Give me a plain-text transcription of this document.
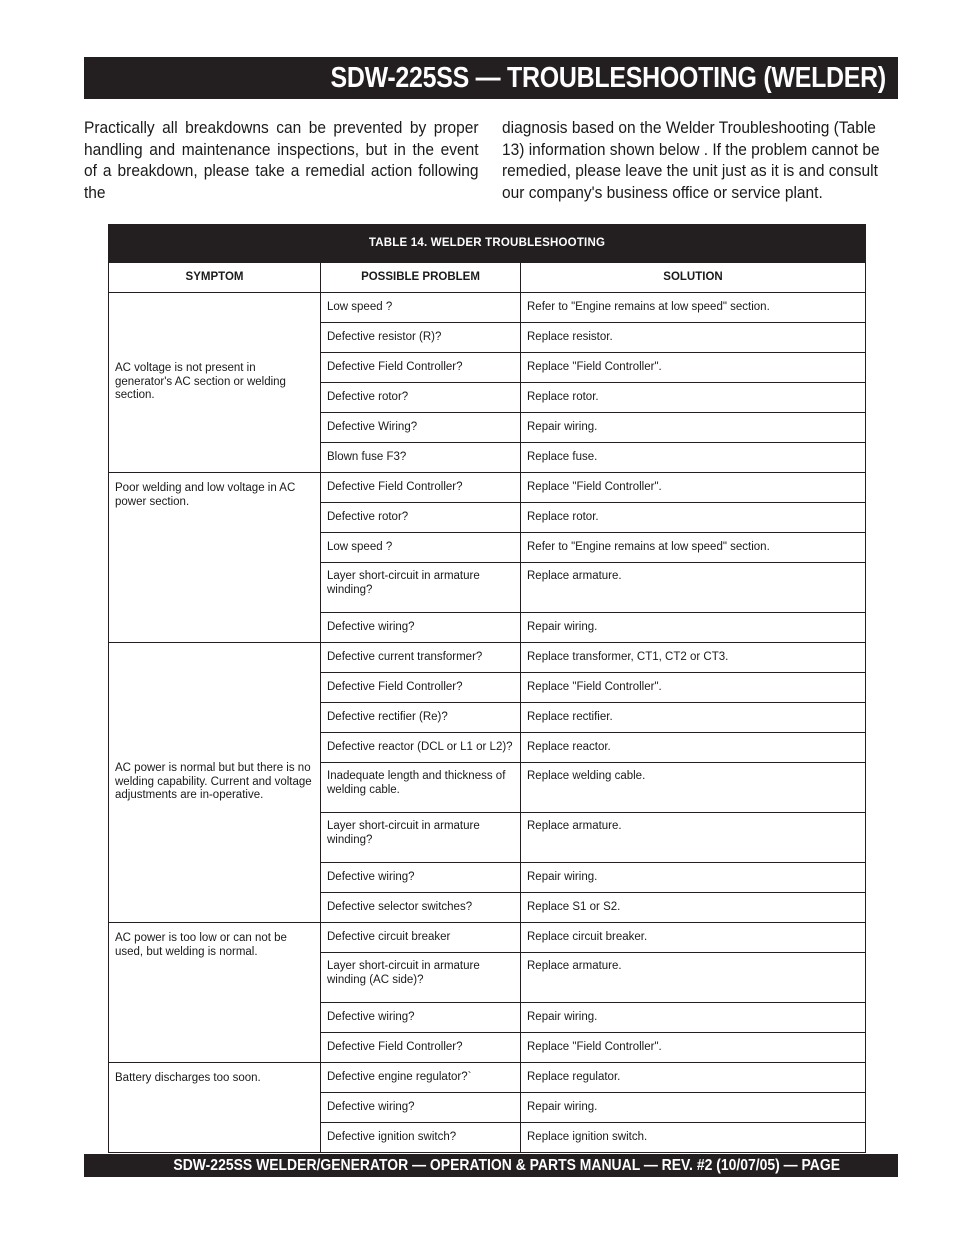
SDW-225SS — TROUBLESHOOTING (WELDER)
Practically all breakdowns can be prevented by proper handling and maintenance inspections, but in the event of a breakdown, please take a remedial action following the
diagnosis based on the Welder Troubleshooting (Table 13) information shown below . If the problem cannot be remedied, please leave the unit just as it is and consult our company's business office or service plant.
TABLE 14. WELDER TROUBLESHOOTING		
SYMPTOM	POSSIBLE PROBLEM	SOLUTION
AC voltage is not present in generator's AC section or welding section.	Low speed ?	Refer to "Engine remains at low speed" section.
	Defective resistor (R)?	Replace resistor.
	Defective Field Controller?	Replace "Field Controller".
	Defective rotor?	Replace rotor.
	Defective Wiring?	Repair wiring.
	Blown fuse F3?	Replace fuse.
Poor welding and low voltage in AC power section.	Defective Field Controller?	Replace "Field Controller".
	Defective rotor?	Replace rotor.
	Low speed ?	Refer to "Engine remains at low speed" section.
	Layer short-circuit in armature winding?	Replace armature.
	Defective wiring?	Repair wiring.
AC power is normal but but there is no welding capability. Current and voltage adjustments are in-operative.	Defective current transformer?	Replace transformer, CT1, CT2 or CT3.
	Defective Field Controller?	Replace "Field Controller".
	Defective rectifier (Re)?	Replace rectifier.
	Defective reactor (DCL or L1 or L2)?	Replace reactor.
	Inadequate length and thickness of welding cable.	Replace welding cable.
	Layer short-circuit in armature winding?	Replace armature.
	Defective wiring?	Repair wiring.
	Defective selector switches?	Replace S1 or S2.
AC power is too low or can not be used, but welding is normal.	Defective circuit breaker	Replace circuit breaker.
	Layer short-circuit in armature winding (AC side)?	Replace armature.
	Defective wiring?	Repair wiring.
	Defective Field Controller?	Replace "Field Controller".
Battery discharges too soon.	Defective engine regulator?`	Replace regulator.
	Defective wiring?	Repair wiring.
	Defective ignition switch?	Replace ignition switch.
SDW-225SS WELDER/GENERATOR — OPERATION & PARTS MANUAL — REV. #2 (10/07/05) — PAGE 41
